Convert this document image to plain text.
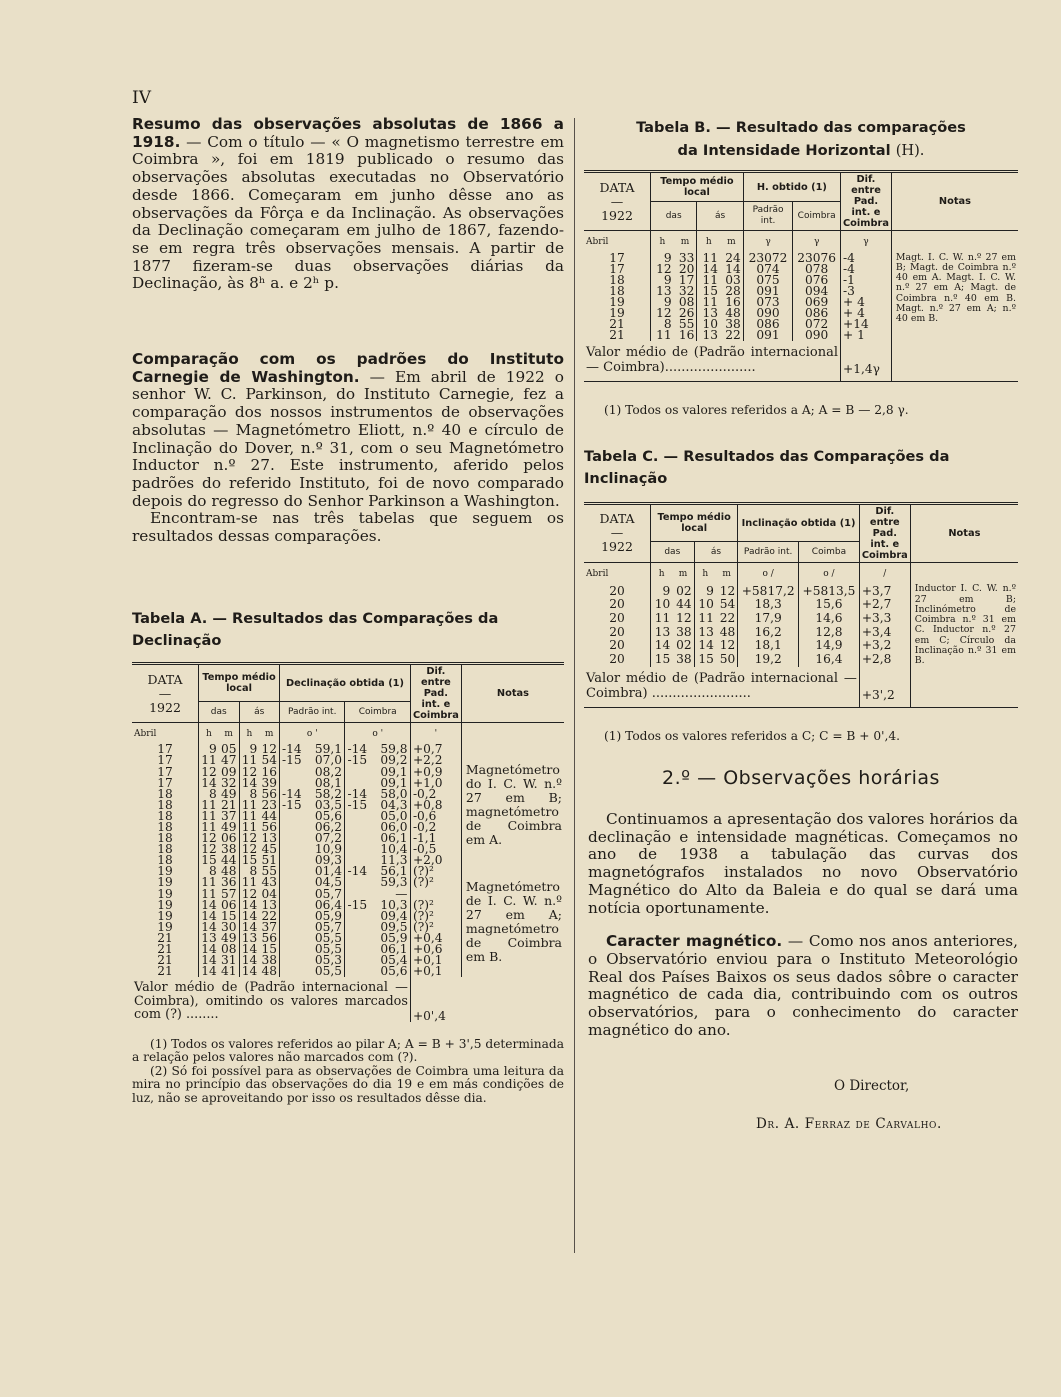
IV

Resumo das observações absolutas de 1866 a 1918. — Com o título — « O magnetismo terrestre em Coimbra », foi em 1819 publicado o resumo das observações absolutas executadas no Observatório desde 1866. Começaram em junho dêsse ano as observações da Fôrça e da Inclinação. As observações da Declinação começaram em julho de 1867, fazendo-se em regra três observações mensais. A partir de 1877 fizeram-se duas observações diárias da Declinação, às 8ʰ a. e 2ʰ p.

Comparação com os padrões do Instituto Carnegie de Washington. — Em abril de 1922 o senhor W. C. Parkinson, do Instituto Carnegie, fez a comparação dos nossos instrumentos de observações absolutas — Magnetómetro Eliott, n.º 40 e círculo de Inclinação do Dover, n.º 31, com o seu Magnetómetro Inductor n.º 27. Este instrumento, aferido pelos padrões do referido Instituto, foi de novo comparado depois do regresso do Senhor Parkinson a Washington.

Encontram-se nas três tabelas que seguem os resultados dessas comparações.

Tabela A. — Resultados das Comparações da Declinação
DATA
—
1922	Tempo médio local				Declinação obtida (1)		Dif. entre Pad. int. e Coimbra	Notas
	das		ás		Padrão int.	Coimbra		
Abril	h	m	h	m	o '	o '	'	
17	9	05	9	12	-14 59,1	-14 59,8	+0,7	Magnetómetro do I. C. W. n.º 27 em B; magnetómetro de Coimbra em A.
17	11	47	11	54	-15 07,0	-15 09,2	+2,2	
17	12	09	12	16	08,2	09,1	+0,9	
17	14	32	14	39	08,1	09,1	+1,0	
18	8	49	8	56	-14 58,2	-14 58,0	-0,2	
18	11	21	11	23	-15 03,5	-15 04,3	+0,8	
18	11	37	11	44	05,6	05,0	-0,6	
18	11	49	11	56	06,2	06,0	-0,2	
18	12	06	12	13	07,2	06,1	-1,1	
18	12	38	12	45	10,9	10,4	-0,5	
18	15	44	15	51	09,3	11,3	+2,0	
19	8	48	8	55	01,4	-14 56,1	(?)²	Magnetómetro de I. C. W. n.º 27 em A; magnetómetro de Coimbra em B.
19	11	36	11	43	04,5	59,3	(?)²	
19	11	57	12	04	05,7	—		
19	14	06	14	13	06,4	-15 10,3	(?)²	
19	14	15	14	22	05,9	09,4	(?)²	
19	14	30	14	37	05,7	09,5	(?)²	
21	13	49	13	56	05,5	05,9	+0,4	
21	14	08	14	15	05,5	06,1	+0,6	
21	14	31	14	38	05,3	05,4	+0,1	
21	14	41	14	48	05,5	05,6	+0,1	
Valor médio de (Padrão internacional — Coimbra), omitindo os valores marcados com (?) ........							+0',4	
(1) Todos os valores referidos ao pilar A; A = B + 3',5 determinada a relação pelos valores não marcados com (?).
(2) Só foi possível para as observações de Coimbra uma leitura da mira no princípio das observações do dia 19 e em más condições de luz, não se aproveitando por isso os resultados dêsse dia.
Tabela B. — Resultado das comparações
da Intensidade Horizontal (H).
DATA
—
1922	Tempo médio local				H. obtido (1)		Dif. entre Pad. int. e Coimbra	Notas
	das		ás		Padrão int.	Coimbra		
Abril	h	m	h	m	γ	γ	γ	
17	9	33	11	24	23072	23076	-4	Magt. I. C. W. n.º 27 em B; Magt. de Coimbra n.º 40 em A. Magt. I. C. W. n.º 27 em A; Magt. de Coimbra n.º 40 em B. Magt. n.º 27 em A; n.º 40 em B.
17	12	20	14	14	074	078	-4	
18	9	17	11	03	075	076	-1	
18	13	32	15	28	091	094	-3	
19	9	08	11	16	073	069	+ 4	
19	12	26	13	48	090	086	+ 4	
21	8	55	10	38	086	072	+14	
21	11	16	13	22	091	090	+ 1	
Valor médio de (Padrão internacional — Coimbra)......................							+1,4γ	
(1) Todos os valores referidos a A; A = B — 2,8 γ.
Tabela C. — Resultados das Comparações da Inclinação
DATA
—
1922	Tempo médio local				Inclinação obtida (1)		Dif. entre Pad. int. e Coimbra	Notas
	das		ás		Padrão int.	Coimba		
Abril	h	m	h	m	o /	o /	/	
20	9	02	9	12	+5817,2	+5813,5	+3,7	Inductor I. C. W. n.º 27 em B; Inclinómetro de Coimbra n.º 31 em C. Inductor n.º 27 em C; Círculo da Inclinação n.º 31 em B.
20	10	44	10	54	18,3	15,6	+2,7	
20	11	12	11	22	17,9	14,6	+3,3	
20	13	38	13	48	16,2	12,8	+3,4	
20	14	02	14	12	18,1	14,9	+3,2	
20	15	38	15	50	19,2	16,4	+2,8	
Valor médio de (Padrão internacional — Coimbra) ........................							+3',2	
(1) Todos os valores referidos a C; C = B + 0',4.
2.º — Observações horárias

Continuamos a apresentação dos valores horários da declinação e intensidade magnéticas. Começamos no ano de 1938 a tabulação das curvas dos magnetógrafos instalados no novo Observatório Magnético do Alto da Baleia e do qual se dará uma notícia oportunamente.

Caracter magnético. — Como nos anos anteriores, o Observatório enviou para o Instituto Meteorológio Real dos Países Baixos os seus dados sôbre o caracter magnético de cada dia, contribuindo com os outros observatórios, para o conhecimento do caracter magnético do ano.

O Director,
Dr. A. Ferraz de Carvalho.
